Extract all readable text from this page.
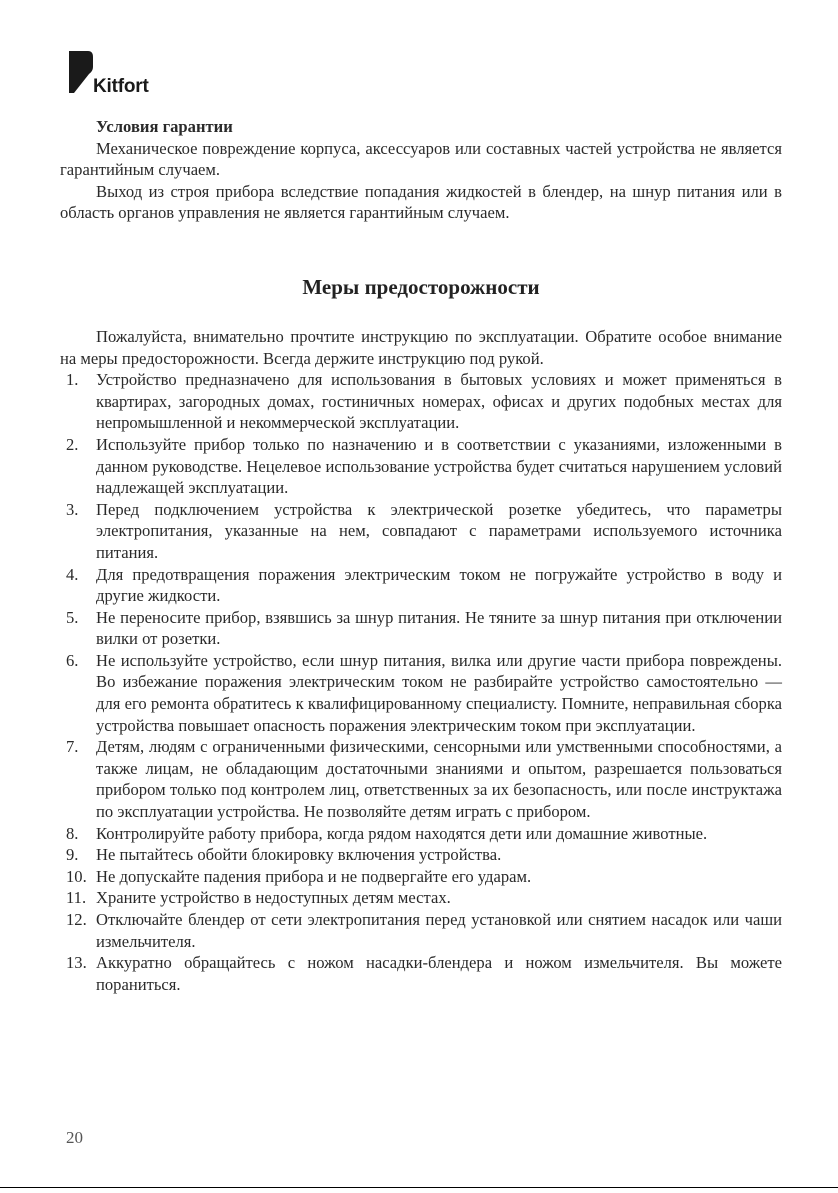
Kitfort

Условия гарантии

Механическое повреждение корпуса, аксессуаров или составных частей устройства не является гарантийным случаем.

Выход из строя прибора вследствие попадания жидкостей в блендер, на шнур питания или в область органов управления не является гарантийным случаем.

Меры предосторожности

Пожалуйста, внимательно прочтите инструкцию по эксплуатации. Обратите особое внимание на меры предосторожности. Всегда держите инструкцию под рукой.

1. Устройство предназначено для использования в бытовых условиях и может применяться в квартирах, загородных домах, гостиничных номерах, офисах и других подобных местах для непромышленной и некоммерческой эксплуатации.
2. Используйте прибор только по назначению и в соответствии с указаниями, изложенными в данном руководстве. Нецелевое использование устройства будет считаться нарушением условий надлежащей эксплуатации.
3. Перед подключением устройства к электрической розетке убедитесь, что параметры электропитания, указанные на нем, совпадают с параметрами используемого источника питания.
4. Для предотвращения поражения электрическим током не погружайте устройство в воду и другие жидкости.
5. Не переносите прибор, взявшись за шнур питания. Не тяните за шнур питания при отключении вилки от розетки.
6. Не используйте устройство, если шнур питания, вилка или другие части прибора повреждены. Во избежание поражения электрическим током не разбирайте устройство самостоятельно — для его ремонта обратитесь к квалифицированному специалисту. Помните, неправильная сборка устройства повышает опасность поражения электрическим током при эксплуатации.
7. Детям, людям с ограниченными физическими, сенсорными или умственными способностями, а также лицам, не обладающим достаточными знаниями и опытом, разрешается пользоваться прибором только под контролем лиц, ответственных за их безопасность, или после инструктажа по эксплуатации устройства. Не позволяйте детям играть с прибором.
8. Контролируйте работу прибора, когда рядом находятся дети или домашние животные.
9. Не пытайтесь обойти блокировку включения устройства.
10. Не допускайте падения прибора и не подвергайте его ударам.
11. Храните устройство в недоступных детям местах.
12. Отключайте блендер от сети электропитания перед установкой или снятием насадок или чаши измельчителя.
13. Аккуратно обращайтесь с ножом насадки-блендера и ножом измельчителя. Вы можете пораниться.
20
